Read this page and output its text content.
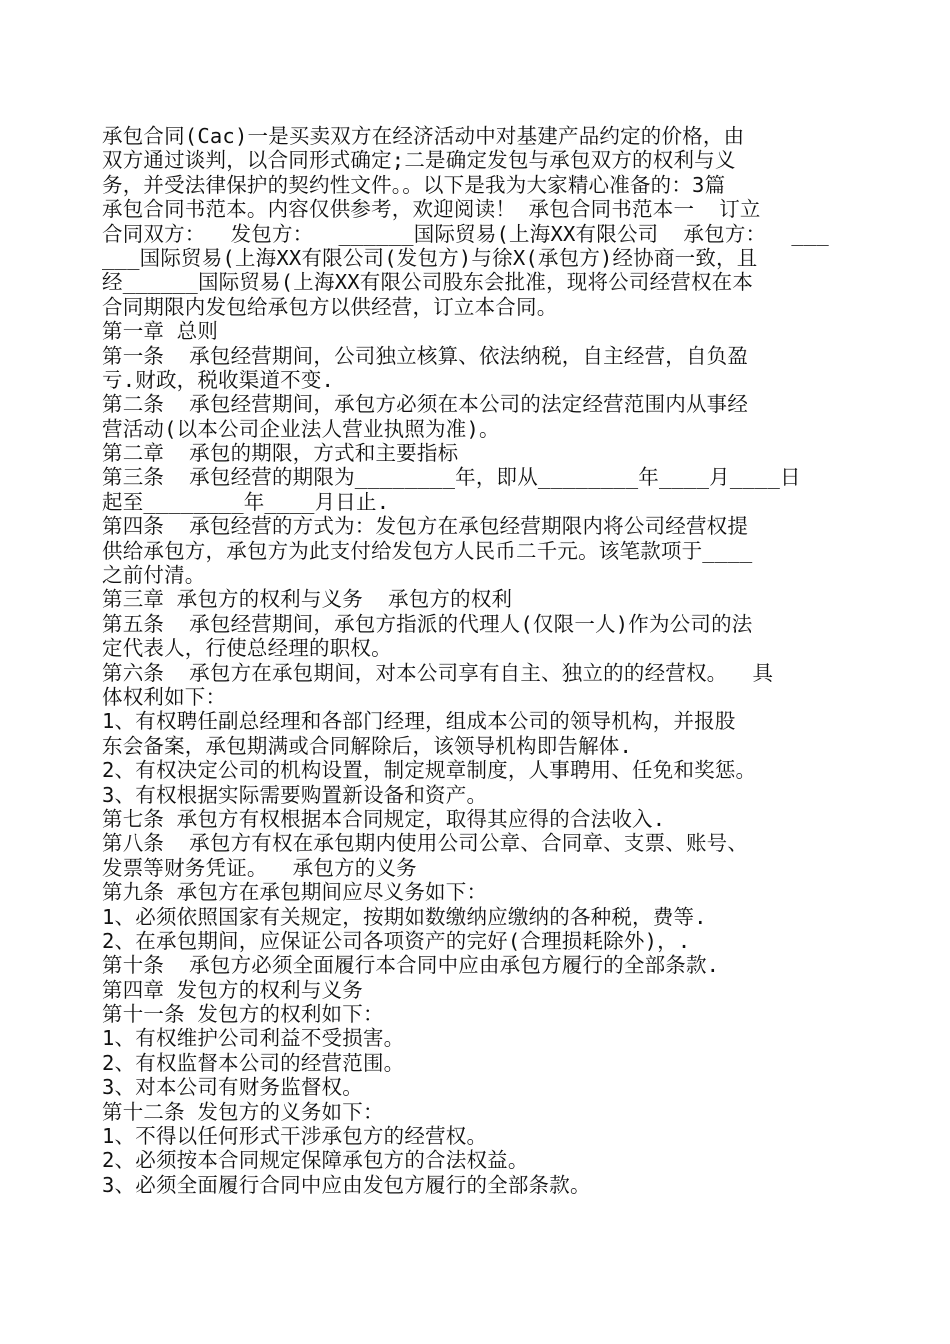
承包合同(Cac)一是买卖双方在经济活动中对基建产品约定的价格，由
双方通过谈判，以合同形式确定;二是确定发包与承包双方的权利与义
务，并受法律保护的契约性文件。。以下是我为大家精心准备的：3篇
承包合同书范本。内容仅供参考，欢迎阅读！ 承包合同书范本一  订立
合同双方：  发包方：  ______国际贸易(上海XX有限公司  承包方：  ___
___国际贸易(上海XX有限公司(发包方)与徐X(承包方)经协商一致，且
经______国际贸易(上海XX有限公司股东会批准，现将公司经营权在本
合同期限内发包给承包方以供经营，订立本合同。
第一章 总则
第一条  承包经营期间，公司独立核算、依法纳税，自主经营，自负盈
亏.财政，税收渠道不变.
第二条  承包经营期间，承包方必须在本公司的法定经营范围内从事经
营活动(以本公司企业法人营业执照为准)。
第二章  承包的期限，方式和主要指标
第三条  承包经营的期限为________年，即从________年____月____日
起至________年____月日止.
第四条  承包经营的方式为：发包方在承包经营期限内将公司经营权提
供给承包方，承包方为此支付给发包方人民币二千元。该笔款项于____
之前付清。
第三章 承包方的权利与义务  承包方的权利
第五条  承包经营期间，承包方指派的代理人(仅限一人)作为公司的法
定代表人，行使总经理的职权。
第六条  承包方在承包期间，对本公司享有自主、独立的的经营权。  具
体权利如下：
1、有权聘任副总经理和各部门经理，组成本公司的领导机构，并报股
东会备案，承包期满或合同解除后，该领导机构即告解体.
2、有权决定公司的机构设置，制定规章制度，人事聘用、任免和奖惩。
3、有权根据实际需要购置新设备和资产。
第七条 承包方有权根据本合同规定，取得其应得的合法收入.
第八条  承包方有权在承包期内使用公司公章、合同章、支票、账号、
发票等财务凭证。  承包方的义务
第九条 承包方在承包期间应尽义务如下：
1、必须依照国家有关规定，按期如数缴纳应缴纳的各种税，费等.
2、在承包期间，应保证公司各项资产的完好(合理损耗除外)，.
第十条  承包方必须全面履行本合同中应由承包方履行的全部条款.
第四章 发包方的权利与义务
第十一条 发包方的权利如下：
1、有权维护公司利益不受损害。
2、有权监督本公司的经营范围。
3、对本公司有财务监督权。
第十二条 发包方的义务如下：
1、不得以任何形式干涉承包方的经营权。
2、必须按本合同规定保障承包方的合法权益。
3、必须全面履行合同中应由发包方履行的全部条款。
